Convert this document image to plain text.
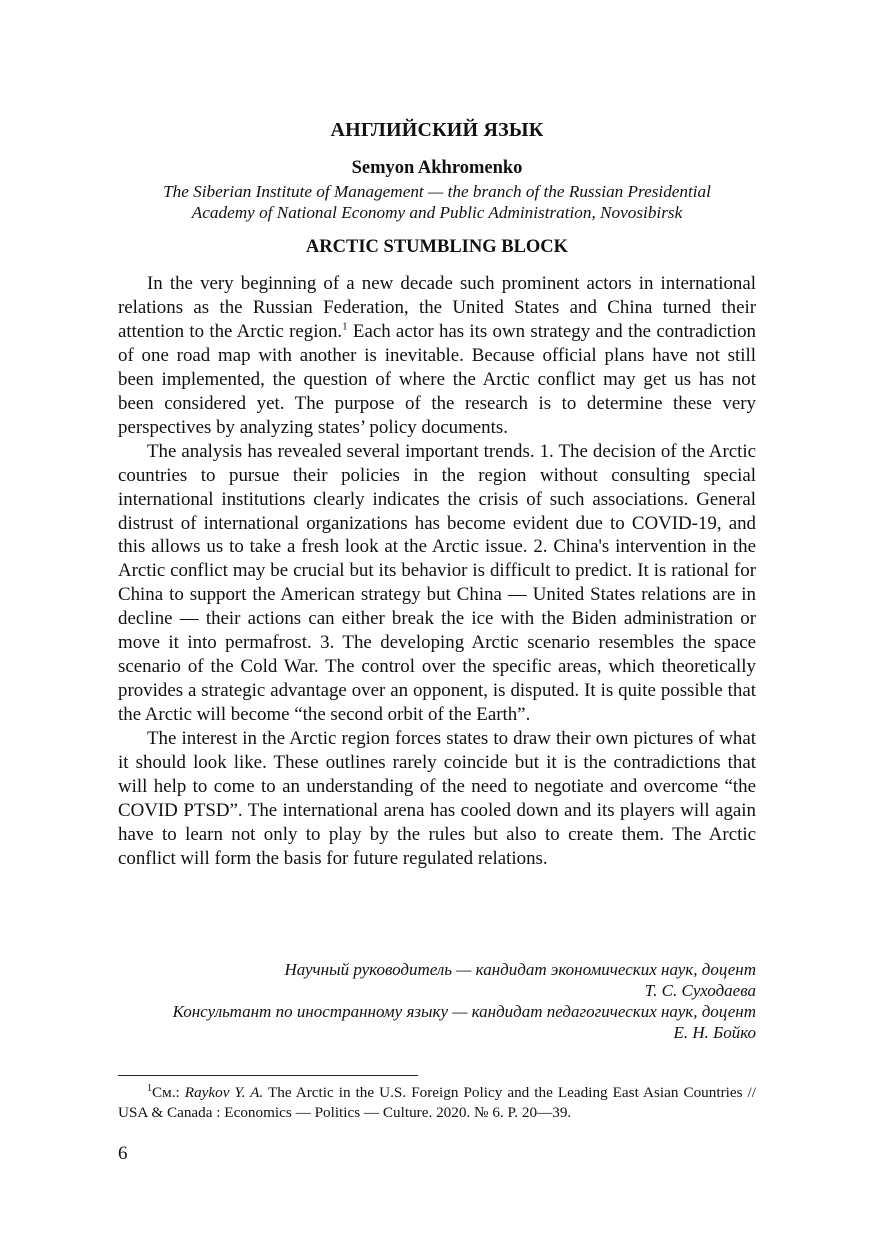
АНГЛИЙСКИЙ ЯЗЫК
Semyon Akhromenko
The Siberian Institute of Management — the branch of the Russian Presidential
Academy of National Economy and Public Administration, Novosibirsk
ARCTIC STUMBLING BLOCK

In the very beginning of a new decade such prominent actors in international relations as the Russian Federation, the United States and China turned their attention to the Arctic region.$^1$ Each actor has its own strategy and the contradiction of one road map with another is inevitable. Because official plans have not still been implemented, the question of where the Arctic conflict may get us has not been considered yet. The purpose of the research is to determine these very perspectives by analyzing states’ policy documents.

The analysis has revealed several important trends. 1. The decision of the Arctic countries to pursue their policies in the region without consulting special international institutions clearly indicates the crisis of such associations. General distrust of international organizations has become evident due to COVID-19, and this allows us to take a fresh look at the Arctic issue. 2. China's intervention in the Arctic conflict may be crucial but its behavior is difficult to predict. It is rational for China to support the American strategy but China — United States relations are in decline — their actions can either break the ice with the Biden administration or move it into permafrost. 3. The developing Arctic scenario resembles the space scenario of the Cold War. The control over the specific areas, which theoretically provides a strategic advantage over an opponent, is disputed. It is quite possible that the Arctic will become “the second orbit of the Earth”.

The interest in the Arctic region forces states to draw their own pictures of what it should look like. These outlines rarely coincide but it is the contradictions that will help to come to an understanding of the need to negotiate and overcome “the COVID PTSD”. The international arena has cooled down and its players will again have to learn not only to play by the rules but also to create them. The Arctic conflict will form the basis for future regulated relations.

Научный руководитель — кандидат экономических наук, доцент
Т. С. Суходаева
Консультант по иностранному языку — кандидат педагогических наук, доцент
Е. Н. Бойко

$^1$См.: Raykov Y. A. The Arctic in the U.S. Foreign Policy and the Leading East Asian Countries // USA & Canada : Economics — Politics — Culture. 2020. № 6. P. 20—39.

6
